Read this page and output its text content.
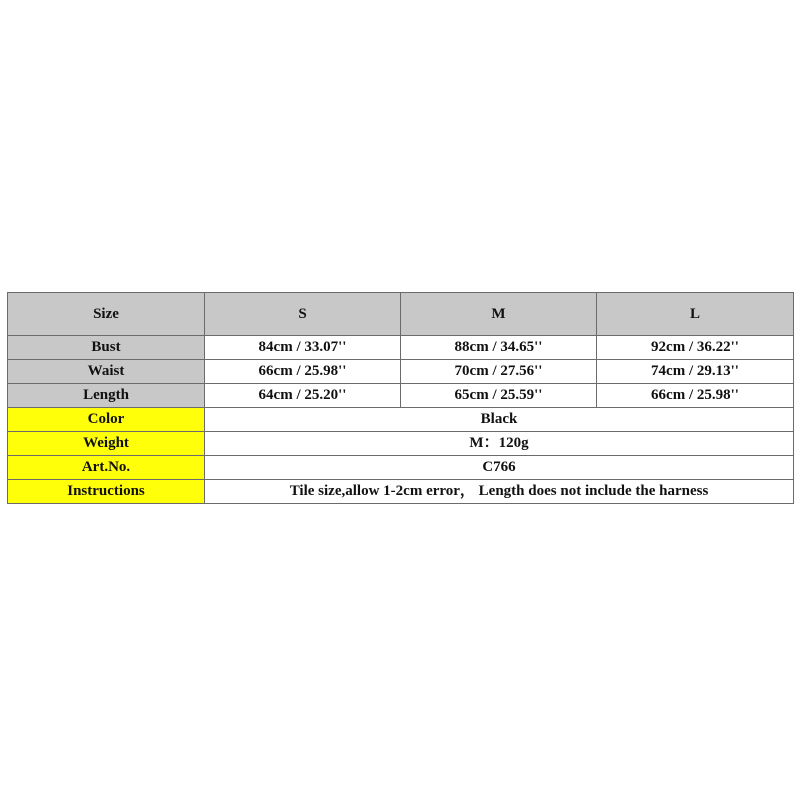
Size	S	M	L
Bust	84cm / 33.07''	88cm / 34.65''	92cm / 36.22''
Waist	66cm / 25.98''	70cm / 27.56''	74cm / 29.13''
Length	64cm / 25.20''	65cm / 25.59''	66cm / 25.98''
Color	Black		
Weight	M：120g		
Art.No.	C766		
Instructions	Tile size,allow 1-2cm error， Length does not include the harness		
